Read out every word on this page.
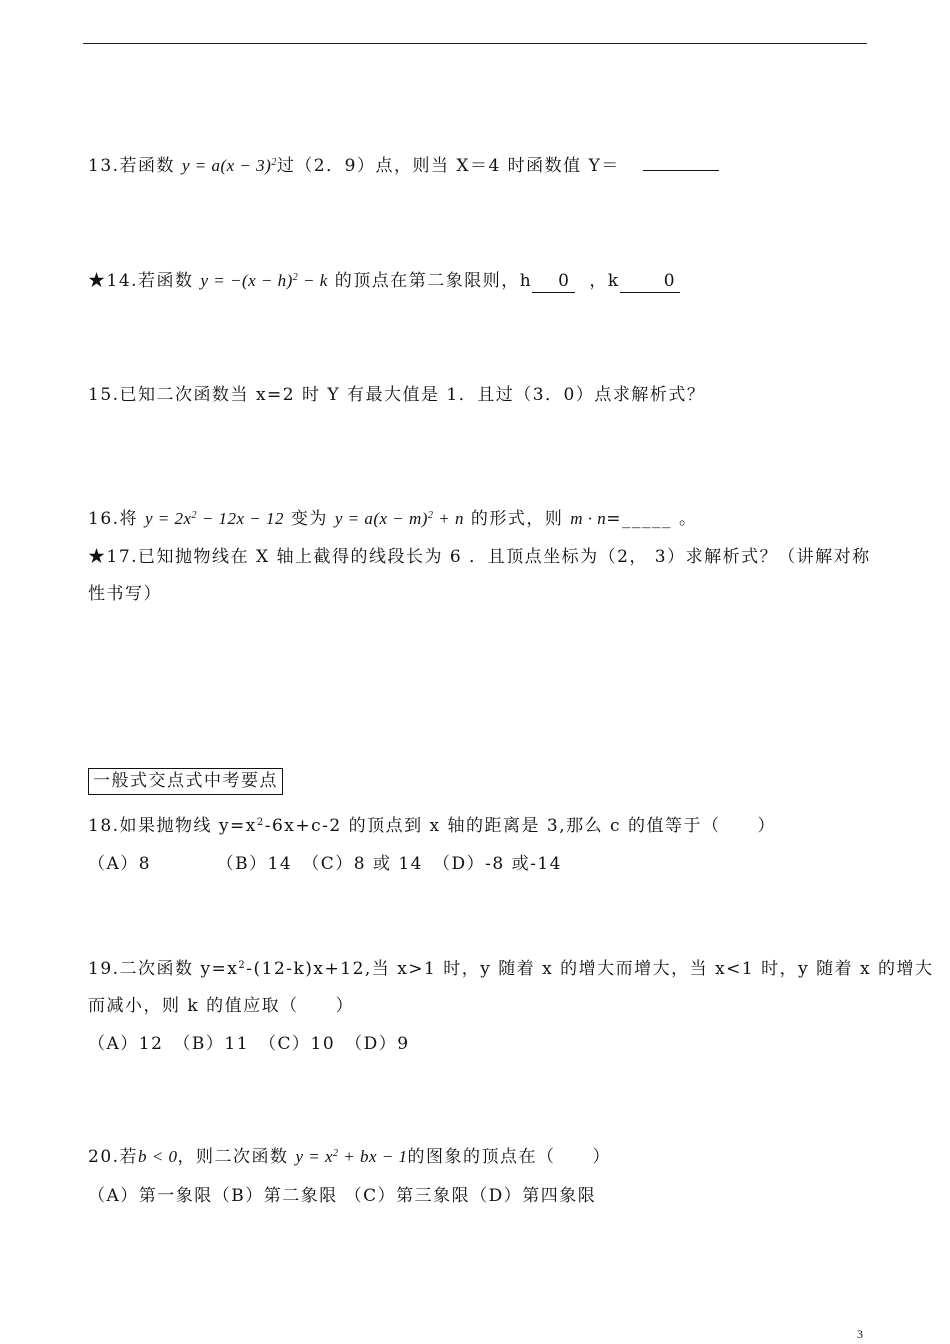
13.若函数 $y = a(x - 3)^2$过（2．9）点，则当 X＝4 时函数值 Y＝
★14.若函数 $y = -(x - h)^2 - k$ 的顶点在第二象限则，h 0 ，k	0
15.已知二次函数当 x=2 时 Y 有最大值是 1．且过（3．0）点求解析式？
16.将 $y = 2x^2 - 12x - 12$ 变为 $y = a(x - m)^2 + n$ 的形式，则 m · n=_____ 。
★17.已知抛物线在 X 轴上截得的线段长为 6 ．且顶点坐标为（2， 3）求解析式？（讲解对称
性书写）
一般式交点式中考要点
18.如果抛物线 $y=x^2-6x+c-2$ 的顶点到 x 轴的距离是 3,那么 c 的值等于（　　）
（A）8　　　　（B）14　（C）8 或 14　（D）-8 或-14
19.二次函数 $y=x^2-(12-k)x+12$,当 x>1 时，y 随着 x 的增大而增大，当 x<1 时，y 随着 x 的增大
而减小，则 k 的值应取（　　）
（A）12　（B）11　（C）10　（D）9
20.若b < 0，则二次函数 $y = x^2$ + bx − 1的图象的顶点在（　　）
（A）第一象限（B）第二象限 （C）第三象限（D）第四象限
3
